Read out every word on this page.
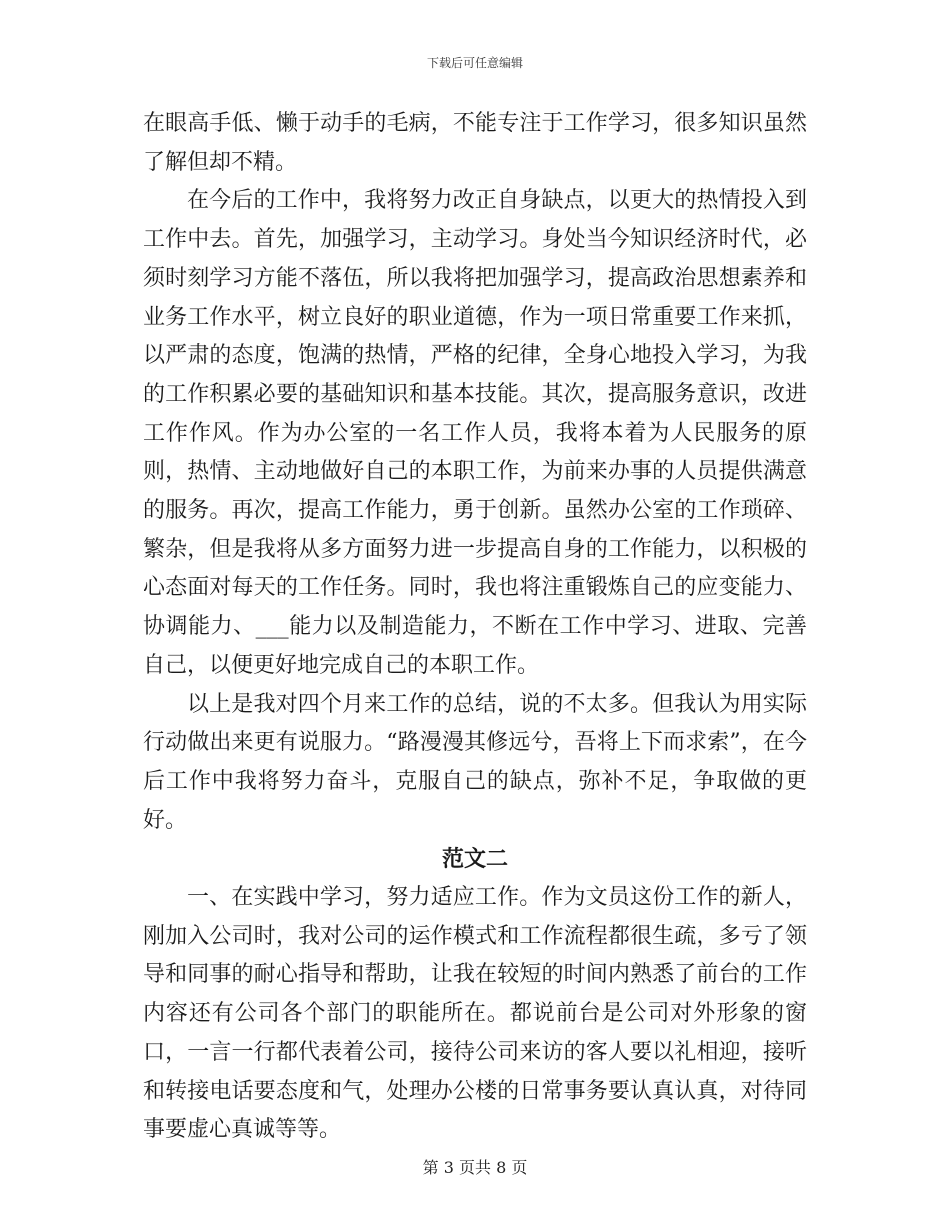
下载后可任意编辑

在眼高手低、懒于动手的毛病，不能专注于工作学习，很多知识虽然了解但却不精。

在今后的工作中，我将努力改正自身缺点，以更大的热情投入到工作中去。首先，加强学习，主动学习。身处当今知识经济时代，必须时刻学习方能不落伍，所以我将把加强学习，提高政治思想素养和业务工作水平，树立良好的职业道德，作为一项日常重要工作来抓，以严肃的态度，饱满的热情，严格的纪律，全身心地投入学习，为我的工作积累必要的基础知识和基本技能。其次，提高服务意识，改进工作作风。作为办公室的一名工作人员，我将本着为人民服务的原则，热情、主动地做好自己的本职工作，为前来办事的人员提供满意的服务。再次，提高工作能力，勇于创新。虽然办公室的工作琐碎、繁杂，但是我将从多方面努力进一步提高自身的工作能力，以积极的心态面对每天的工作任务。同时，我也将注重锻炼自己的应变能力、协调能力、___能力以及制造能力，不断在工作中学习、进取、完善自己，以便更好地完成自己的本职工作。

以上是我对四个月来工作的总结，说的不太多。但我认为用实际行动做出来更有说服力。“路漫漫其修远兮，吾将上下而求索”，在今后工作中我将努力奋斗，克服自己的缺点，弥补不足，争取做的更好。

范文二

一、在实践中学习，努力适应工作。作为文员这份工作的新人，刚加入公司时，我对公司的运作模式和工作流程都很生疏，多亏了领导和同事的耐心指导和帮助，让我在较短的时间内熟悉了前台的工作内容还有公司各个部门的职能所在。都说前台是公司对外形象的窗口，一言一行都代表着公司，接待公司来访的客人要以礼相迎，接听和转接电话要态度和气，处理办公楼的日常事务要认真认真，对待同事要虚心真诚等等。

第 3 页共 8 页
